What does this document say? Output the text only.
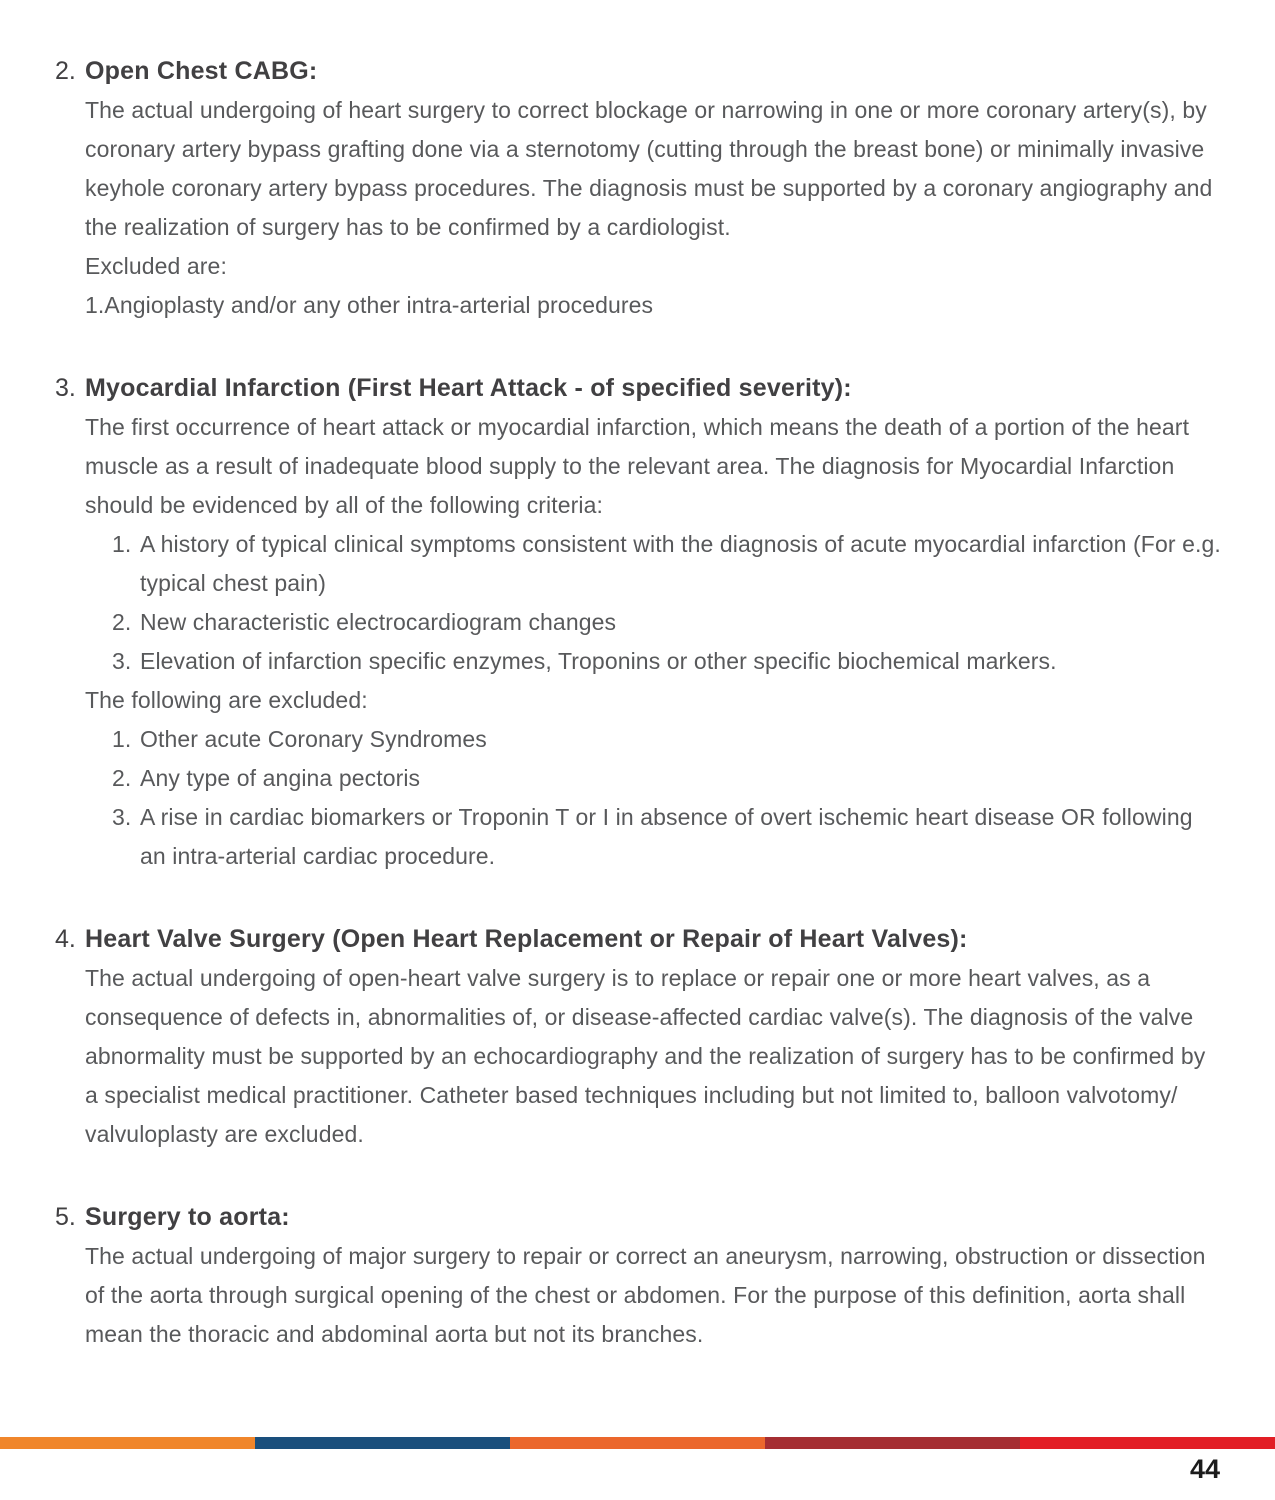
2. Open Chest CABG:

The actual undergoing of heart surgery to correct blockage or narrowing in one or more coronary artery(s), by coronary artery bypass grafting done via a sternotomy (cutting through the breast bone) or minimally invasive keyhole coronary artery bypass procedures. The diagnosis must be supported by a coronary angiography and the realization of surgery has to be confirmed by a cardiologist.

Excluded are:

1.Angioplasty and/or any other intra-arterial procedures

3. Myocardial Infarction (First Heart Attack - of specified severity):

The first occurrence of heart attack or myocardial infarction, which means the death of a portion of the heart muscle as a result of inadequate blood supply to the relevant area. The diagnosis for Myocardial Infarction should be evidenced by all of the following criteria:

1. A history of typical clinical symptoms consistent with the diagnosis of acute myocardial infarction (For e.g. typical chest pain)
2. New characteristic electrocardiogram changes
3. Elevation of infarction specific enzymes, Troponins or other specific biochemical markers.

The following are excluded:

1. Other acute Coronary Syndromes
2. Any type of angina pectoris
3. A rise in cardiac biomarkers or Troponin T or I in absence of overt ischemic heart disease OR following an intra-arterial cardiac procedure.
4. Heart Valve Surgery (Open Heart Replacement or Repair of Heart Valves):

The actual undergoing of open-heart valve surgery is to replace or repair one or more heart valves, as a consequence of defects in, abnormalities of, or disease-affected cardiac valve(s). The diagnosis of the valve abnormality must be supported by an echocardiography and the realization of surgery has to be confirmed by a specialist medical practitioner. Catheter based techniques including but not limited to, balloon valvotomy/ valvuloplasty are excluded.

5. Surgery to aorta:

The actual undergoing of major surgery to repair or correct an aneurysm, narrowing, obstruction or dissection of the aorta through surgical opening of the chest or abdomen. For the purpose of this definition, aorta shall mean the thoracic and abdominal aorta but not its branches.

44
